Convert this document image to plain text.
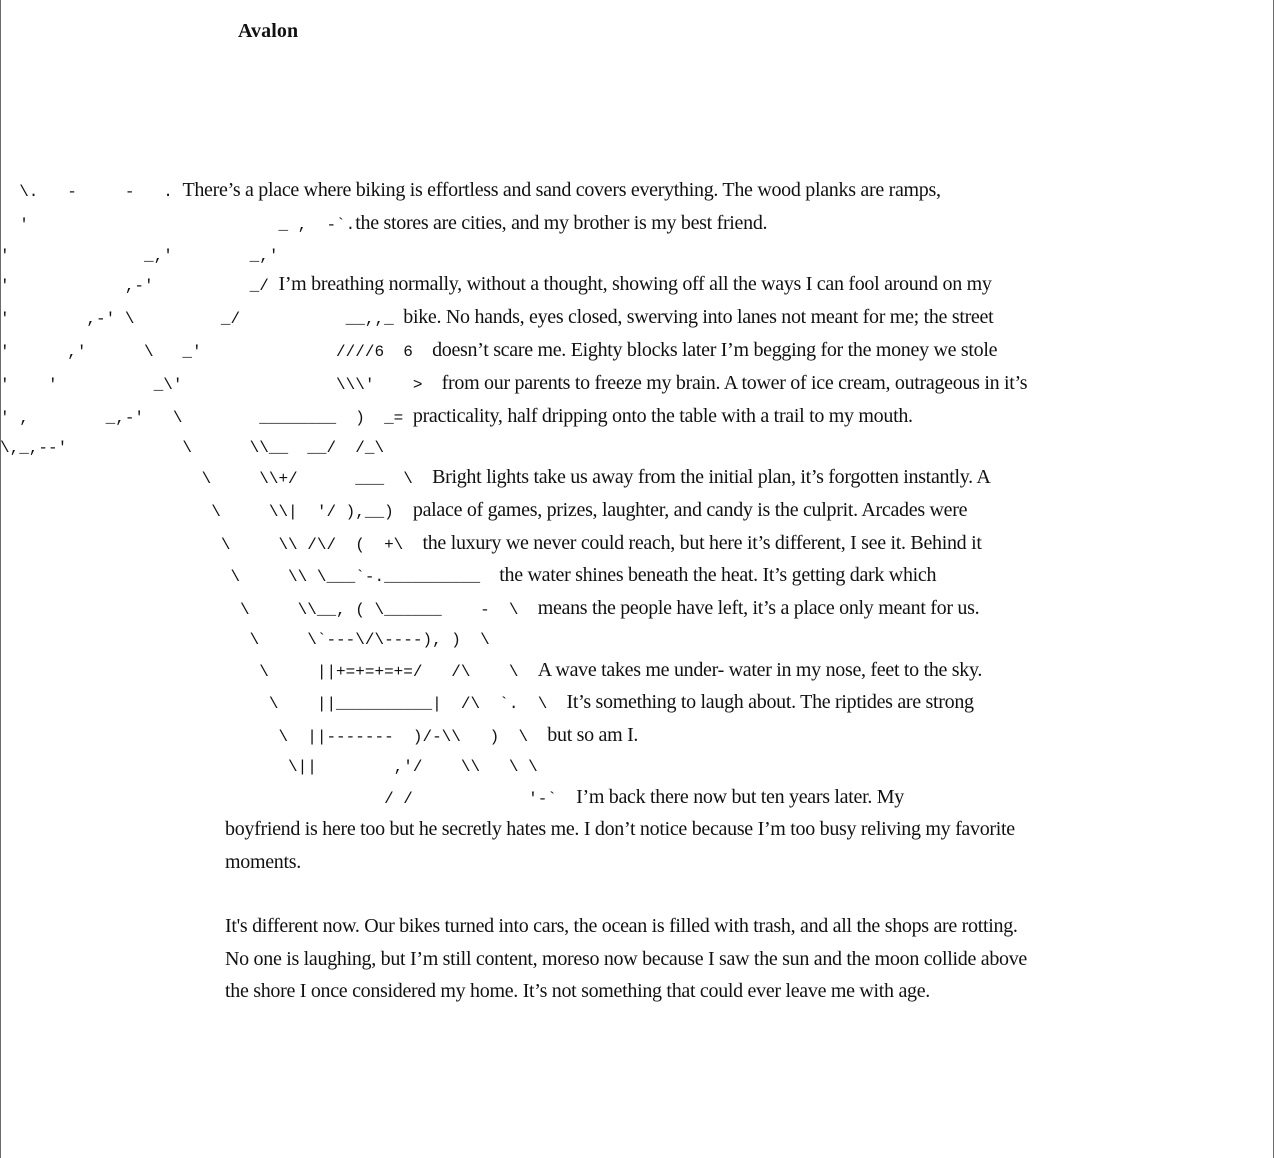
Avalon
\.   -     -   . There’s a place where biking is effortless and sand covers everything. The wood planks are ramps,
'                          _ ,  -`.the stores are cities, and my brother is my best friend.
'              _,'        _,'
'            ,-'          _/ I’m breathing normally, without a thought, showing off all the ways I can fool around on my
'        ,-' \         _/           __,,_ bike. No hands, eyes closed, swerving into lanes not meant for me; the street
'      ,'      \   _'              ////6  6  doesn’t scare me. Eighty blocks later I’m begging for the money we stole
'    '          _\'                \\\'    >  from our parents to freeze my brain. A tower of ice cream, outrageous in it’s
' ,        _,-'   \        ________  )  _= practicality, half dripping onto the table with a trail to my mouth.
\,_,--'            \      \\__  __/  /_\
\     \\+/      ___  \  Bright lights take us away from the initial plan, it’s forgotten instantly. A
\     \\|  '/ ),__)  palace of games, prizes, laughter, and candy is the culprit. Arcades were
\     \\ /\/  (  +\  the luxury we never could reach, but here it’s different, I see it. Behind it
\     \\ \___`-.__________  the water shines beneath the heat. It’s getting dark which
\     \\__, ( \______    -  \  means the people have left, it’s a place only meant for us.
\     \`---\/\----), )  \
\     ||+=+=+=+=/   /\    \  A wave takes me under- water in my nose, feet to the sky.
\    ||__________|  /\  `.  \  It’s something to laugh about. The riptides are strong
\  ||-------  )/-\\   )  \  but so am I.
\||        ,'/    \\   \ \
/ /            '-`  I’m back there now but ten years later. My
boyfriend is here too but he secretly hates me. I don’t notice because I’m too busy reliving my favorite moments.
It's different now. Our bikes turned into cars, the ocean is filled with trash, and all the shops are rotting. No one is laughing, but I’m still content, moreso now because I saw the sun and the moon collide above the shore I once considered my home. It’s not something that could ever leave me with age.
